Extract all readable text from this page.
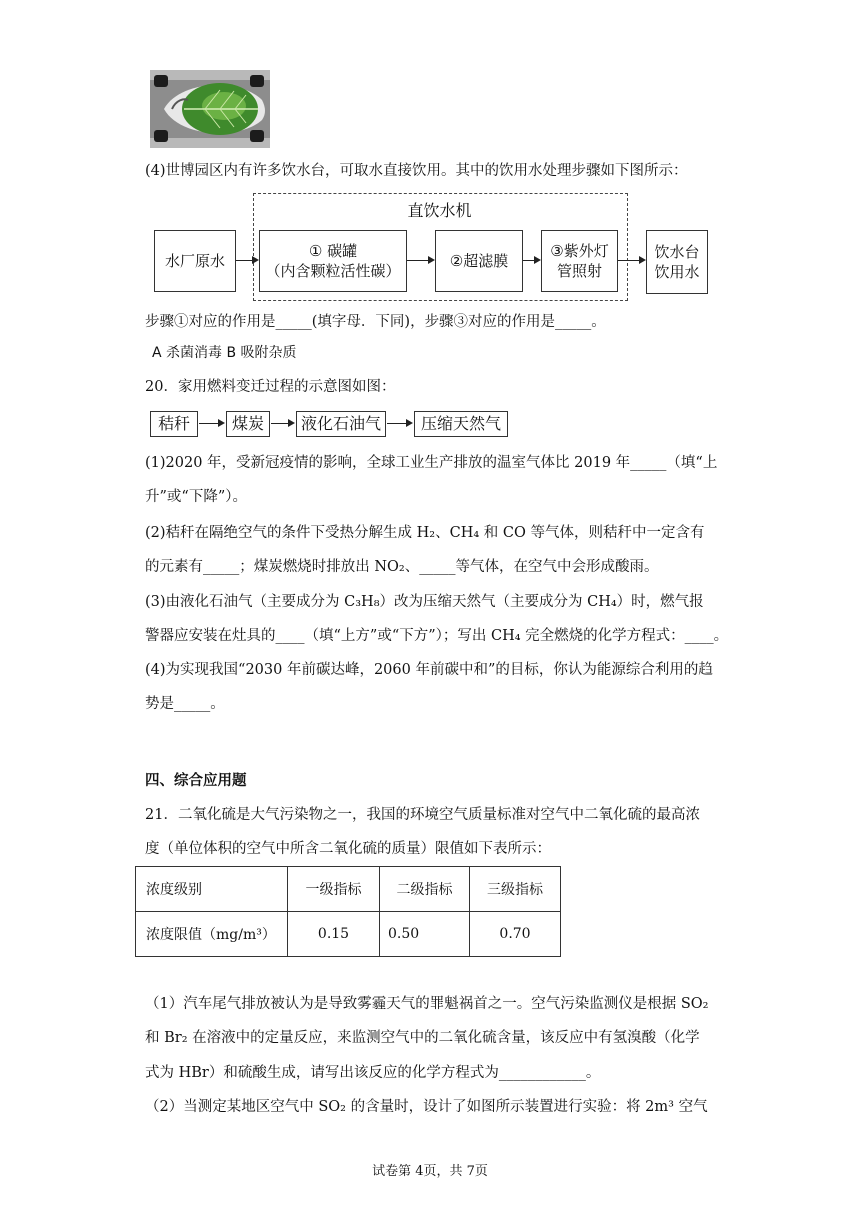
(4)世博园区内有许多饮水台，可取水直接饮用。其中的饮用水处理步骤如下图所示：
直饮水机
水厂原水
① 碳罐
（内含颗粒活性碳）
②超滤膜
③紫外灯
管照射
饮水台
饮用水
步骤①对应的作用是_____(填字母．下同)，步骤③对应的作用是_____。
A 杀菌消毒 B 吸附杂质
20．家用燃料变迁过程的示意图如图：
秸秆	煤炭 液化石油气 压缩天然气
(1)2020 年，受新冠疫情的影响，全球工业生产排放的温室气体比 2019 年_____（填“上
升”或“下降”）。
(2)秸秆在隔绝空气的条件下受热分解生成 H₂、CH₄ 和 CO 等气体，则秸秆中一定含有
的元素有_____；煤炭燃烧时排放出 NO₂、_____等气体，在空气中会形成酸雨。
(3)由液化石油气（主要成分为 C₃H₈）改为压缩天然气（主要成分为 CH₄）时，燃气报
警器应安装在灶具的____（填“上方”或“下方”）；写出 CH₄ 完全燃烧的化学方程式：____。
(4)为实现我国“2030 年前碳达峰，2060 年前碳中和”的目标，你认为能源综合利用的趋
势是_____。
四、综合应用题
21．二氧化硫是大气污染物之一，我国的环境空气质量标准对空气中二氧化硫的最高浓
度（单位体积的空气中所含二氧化硫的质量）限值如下表所示：
浓度级别	一级指标	二级指标	三级指标
浓度限值（mg/m³）	0.15	0.50	0.70
（1）汽车尾气排放被认为是导致雾霾天气的罪魁祸首之一。空气污染监测仪是根据 SO₂
和 Br₂ 在溶液中的定量反应，来监测空气中的二氧化硫含量，该反应中有氢溴酸（化学
式为 HBr）和硫酸生成，请写出该反应的化学方程式为____________。
（2）当测定某地区空气中 SO₂ 的含量时，设计了如图所示装置进行实验：将 2m³ 空气
试卷第 4页，共 7页
